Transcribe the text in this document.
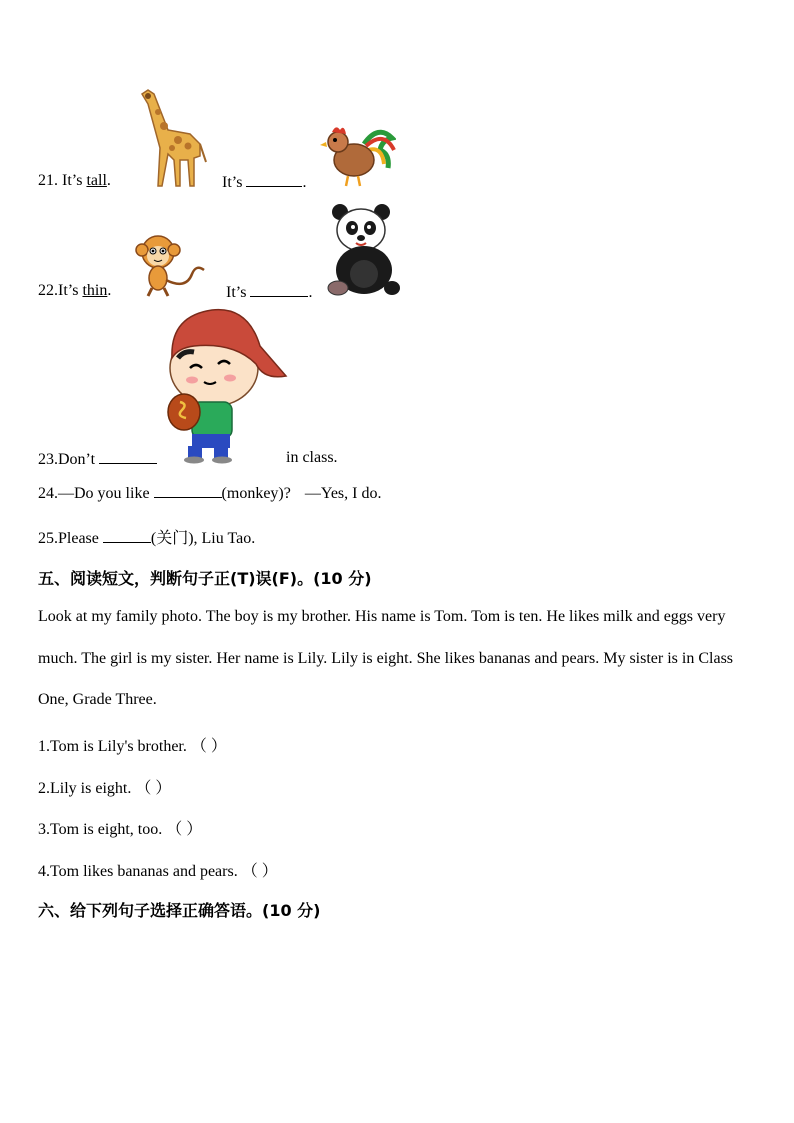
21. It’s tall.	It’s	.
22.It’s thin.	It’s	.
23.Don’t	in class.
24.—Do you like	(monkey)? —Yes, I do.
25.Please	(关门), Liu Tao.
五、阅读短文，判断句子正(T)误(F)。(10 分)
Look at my family photo. The boy is my brother. His name is Tom. Tom is ten. He likes milk and eggs very much. The girl is my sister. Her name is Lily. Lily is eight. She likes bananas and pears. My sister is in Class One, Grade Three.
1.Tom is Lily's brother. （ ）
2.Lily is eight. （ ）
3.Tom is eight, too. （ ）
4.Tom likes bananas and pears. （ ）
六、给下列句子选择正确答语。(10 分)
